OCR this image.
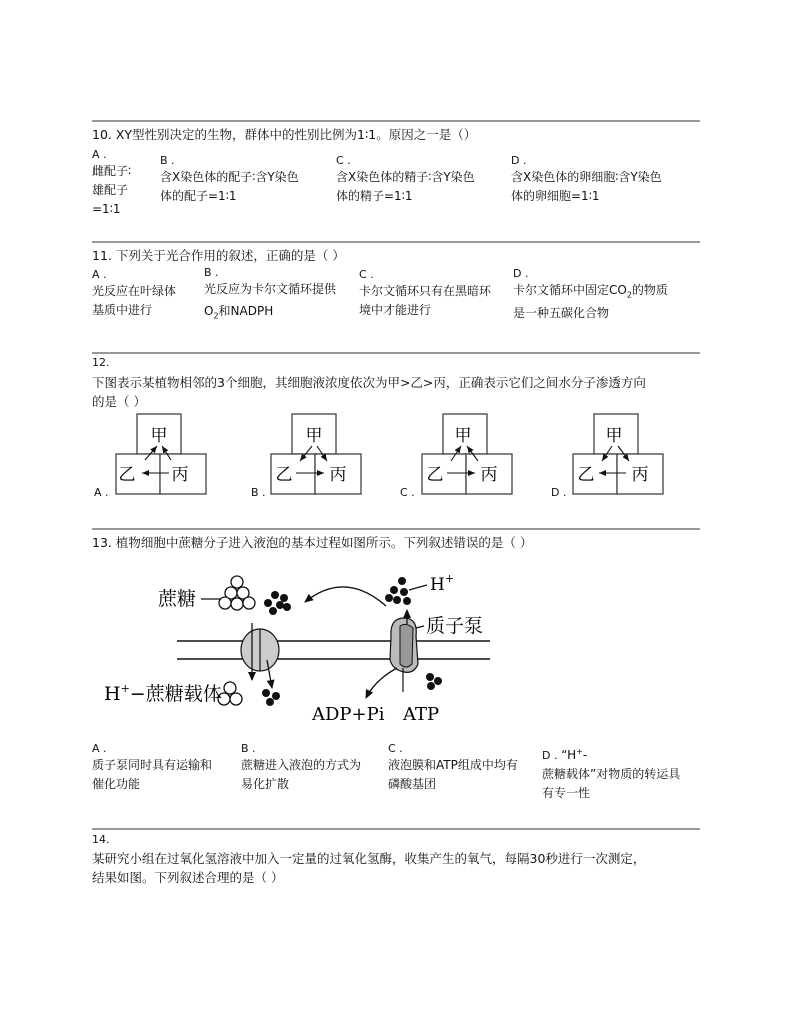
10. XY型性别决定的生物，群体中的性别比例为1∶1。原因之一是（）
A .
雌配子∶
雄配子
=1∶1
B .
含X染色体的配子∶含Y染色
体的配子=1∶1
C .
含X染色体的精子∶含Y染色
体的精子=1∶1
D .
含X染色体的卵细胞∶含Y染色
体的卵细胞=1∶1
11. 下列关于光合作用的叙述，正确的是（ ）
A .
光反应在叶绿体
基质中进行
B .
光反应为卡尔文循环提供
$O_2$和NADPH
C .
卡尔文循环只有在黑暗环
境中才能进行
D .
卡尔文循环中固定$CO_2$的物质
是一种五碳化合物
12.
下图表示某植物相邻的3个细胞，其细胞液浓度依次为甲>乙>丙，正确表示它们之间水分子渗透方向
的是（ ）
甲
乙 丙
A .
甲
乙 丙
B .
甲
乙 丙
C .
甲
乙 丙
D .
13. 植物细胞中蔗糖分子进入液泡的基本过程如图所示。下列叙述错误的是（ ）
蔗糖
H+
质子泵
H+−蔗糖载体
ADP+Pi ATP
A .
质子泵同时具有运输和
催化功能
B .
蔗糖进入液泡的方式为
易化扩散
C .
液泡膜和ATP组成中均有
磷酸基团
D . “H+-
蔗糖载体”对物质的转运具
有专一性
14.
某研究小组在过氧化氢溶液中加入一定量的过氧化氢酶，收集产生的氧气，每隔30秒进行一次测定，
结果如图。下列叙述合理的是（ ）
